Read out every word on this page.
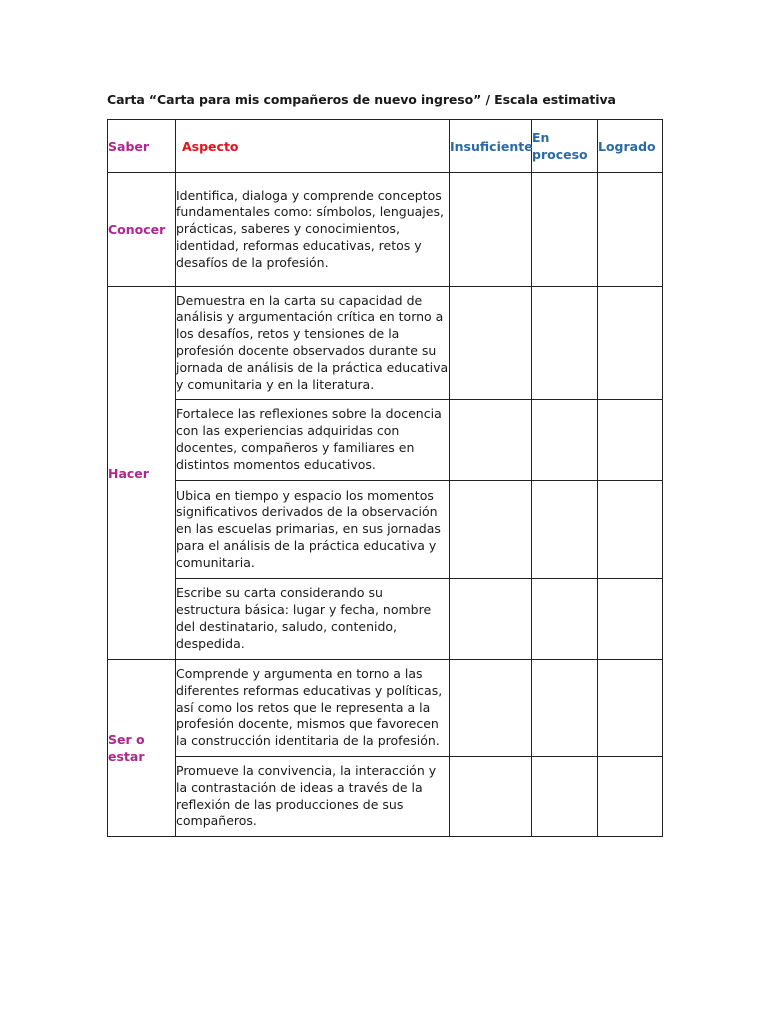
Carta “Carta para mis compañeros de nuevo ingreso” / Escala estimativa
Saber	Aspecto	Insuficiente	En proceso	Logrado
Conocer	Identifica, dialoga y comprende conceptos fundamentales como: símbolos, lenguajes, prácticas, saberes y conocimientos, identidad, reformas educativas, retos y desafíos de la profesión.			
Hacer	Demuestra en la carta su capacidad de análisis y argumentación crítica en torno a los desafíos, retos y tensiones de la profesión docente observados durante su jornada de análisis de la práctica educativa y comunitaria y en la literatura.			
	Fortalece las reflexiones sobre la docencia con las experiencias adquiridas con docentes, compañeros y familiares en distintos momentos educativos.			
	Ubica en tiempo y espacio los momentos significativos derivados de la observación en las escuelas primarias, en sus jornadas para el análisis de la práctica educativa y comunitaria.			
	Escribe su carta considerando su estructura básica: lugar y fecha, nombre del destinatario, saludo, contenido, despedida.			
Ser o estar	Comprende y argumenta en torno a las diferentes reformas educativas y políticas, así como los retos que le representa a la profesión docente, mismos que favorecen la construcción identitaria de la profesión.			
	Promueve la convivencia, la interacción y la contrastación de ideas a través de la reflexión de las producciones de sus compañeros.			
